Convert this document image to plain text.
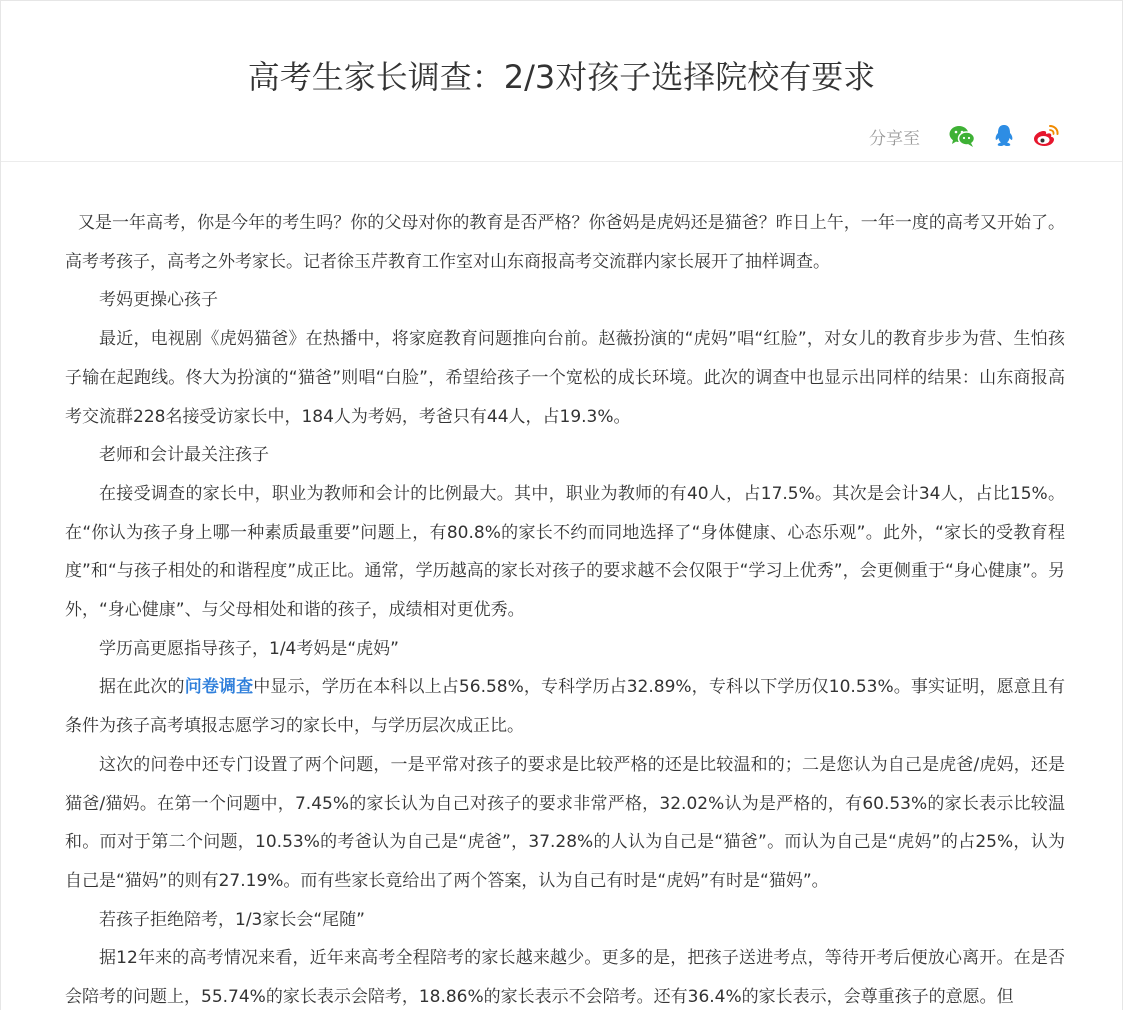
高考生家长调查：2/3对孩子选择院校有要求
分享至

又是一年高考，你是今年的考生吗？你的父母对你的教育是否严格？你爸妈是虎妈还是猫爸？昨日上午，一年一度的高考又开始了。高考考孩子，高考之外考家长。记者徐玉芹教育工作室对山东商报高考交流群内家长展开了抽样调查。

考妈更操心孩子

最近，电视剧《虎妈猫爸》在热播中，将家庭教育问题推向台前。赵薇扮演的“虎妈”唱“红脸”，对女儿的教育步步为营、生怕孩子输在起跑线。佟大为扮演的“猫爸”则唱“白脸”，希望给孩子一个宽松的成长环境。此次的调查中也显示出同样的结果：山东商报高考交流群228名接受访家长中，184人为考妈，考爸只有44人，占19.3%。

老师和会计最关注孩子

在接受调查的家长中，职业为教师和会计的比例最大。其中，职业为教师的有40人，占17.5%。其次是会计34人，占比15%。在“你认为孩子身上哪一种素质最重要”问题上，有80.8%的家长不约而同地选择了“身体健康、心态乐观”。此外，“家长的受教育程度”和“与孩子相处的和谐程度”成正比。通常，学历越高的家长对孩子的要求越不会仅限于“学习上优秀”，会更侧重于“身心健康”。另外，“身心健康”、与父母相处和谐的孩子，成绩相对更优秀。

学历高更愿指导孩子，1/4考妈是“虎妈”

据在此次的问卷调查中显示，学历在本科以上占56.58%，专科学历占32.89%，专科以下学历仅10.53%。事实证明，愿意且有条件为孩子高考填报志愿学习的家长中，与学历层次成正比。

这次的问卷中还专门设置了两个问题，一是平常对孩子的要求是比较严格的还是比较温和的；二是您认为自己是虎爸/虎妈，还是猫爸/猫妈。在第一个问题中，7.45%的家长认为自己对孩子的要求非常严格，32.02%认为是严格的，有60.53%的家长表示比较温和。而对于第二个问题，10.53%的考爸认为自己是“虎爸”，37.28%的人认为自己是“猫爸”。而认为自己是“虎妈”的占25%，认为自己是“猫妈”的则有27.19%。而有些家长竟给出了两个答案，认为自己有时是“虎妈”有时是“猫妈”。

若孩子拒绝陪考，1/3家长会“尾随”

据12年来的高考情况来看，近年来高考全程陪考的家长越来越少。更多的是，把孩子送进考点，等待开考后便放心离开。在是否会陪考的问题上，55.74%的家长表示会陪考，18.86%的家长表示不会陪考。还有36.4%的家长表示，会尊重孩子的意愿。但
